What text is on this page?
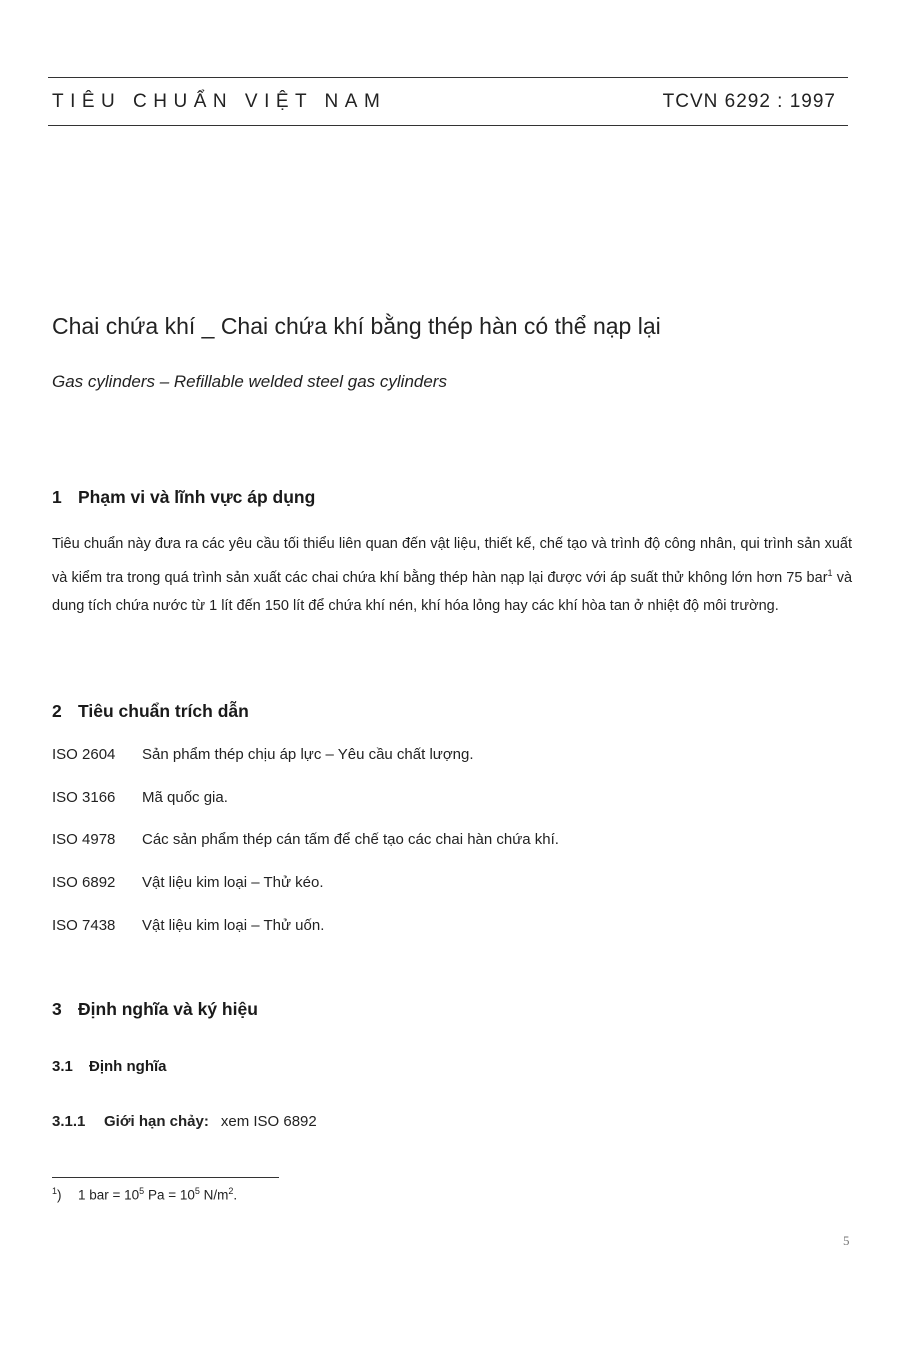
TIÊU CHUẨN VIỆT NAM	TCVN 6292 : 1997
Chai chứa khí _ Chai chứa khí bằng thép hàn có thể nạp lại
Gas cylinders – Refillable welded steel gas cylinders
1 Phạm vi và lĩnh vực áp dụng
Tiêu chuẩn này đưa ra các yêu cầu tối thiểu liên quan đến vật liệu, thiết kế, chế tạo và trình độ công nhân, qui trình sản xuất và kiểm tra trong quá trình sản xuất các chai chứa khí bằng thép hàn nạp lại được với áp suất thử không lớn hơn 75 bar$^1$ và dung tích chứa nước từ 1 lít đến 150 lít để chứa khí nén, khí hóa lỏng hay các khí hòa tan ở nhiệt độ môi trường.
2 Tiêu chuẩn trích dẫn
ISO 2604 Sản phẩm thép chịu áp lực – Yêu cầu chất lượng.
ISO 3166 Mã quốc gia.
ISO 4978 Các sản phẩm thép cán tấm để chế tạo các chai hàn chứa khí.
ISO 6892 Vật liệu kim loại – Thử kéo.
ISO 7438 Vật liệu kim loại – Thử uốn.
3 Định nghĩa và ký hiệu
3.1 Định nghĩa
3.1.1 Giới hạn chảy: xem ISO 6892
$^1$) 1 bar = $10^5$ $Pa = 10^5$ $N/m^2$.
5
